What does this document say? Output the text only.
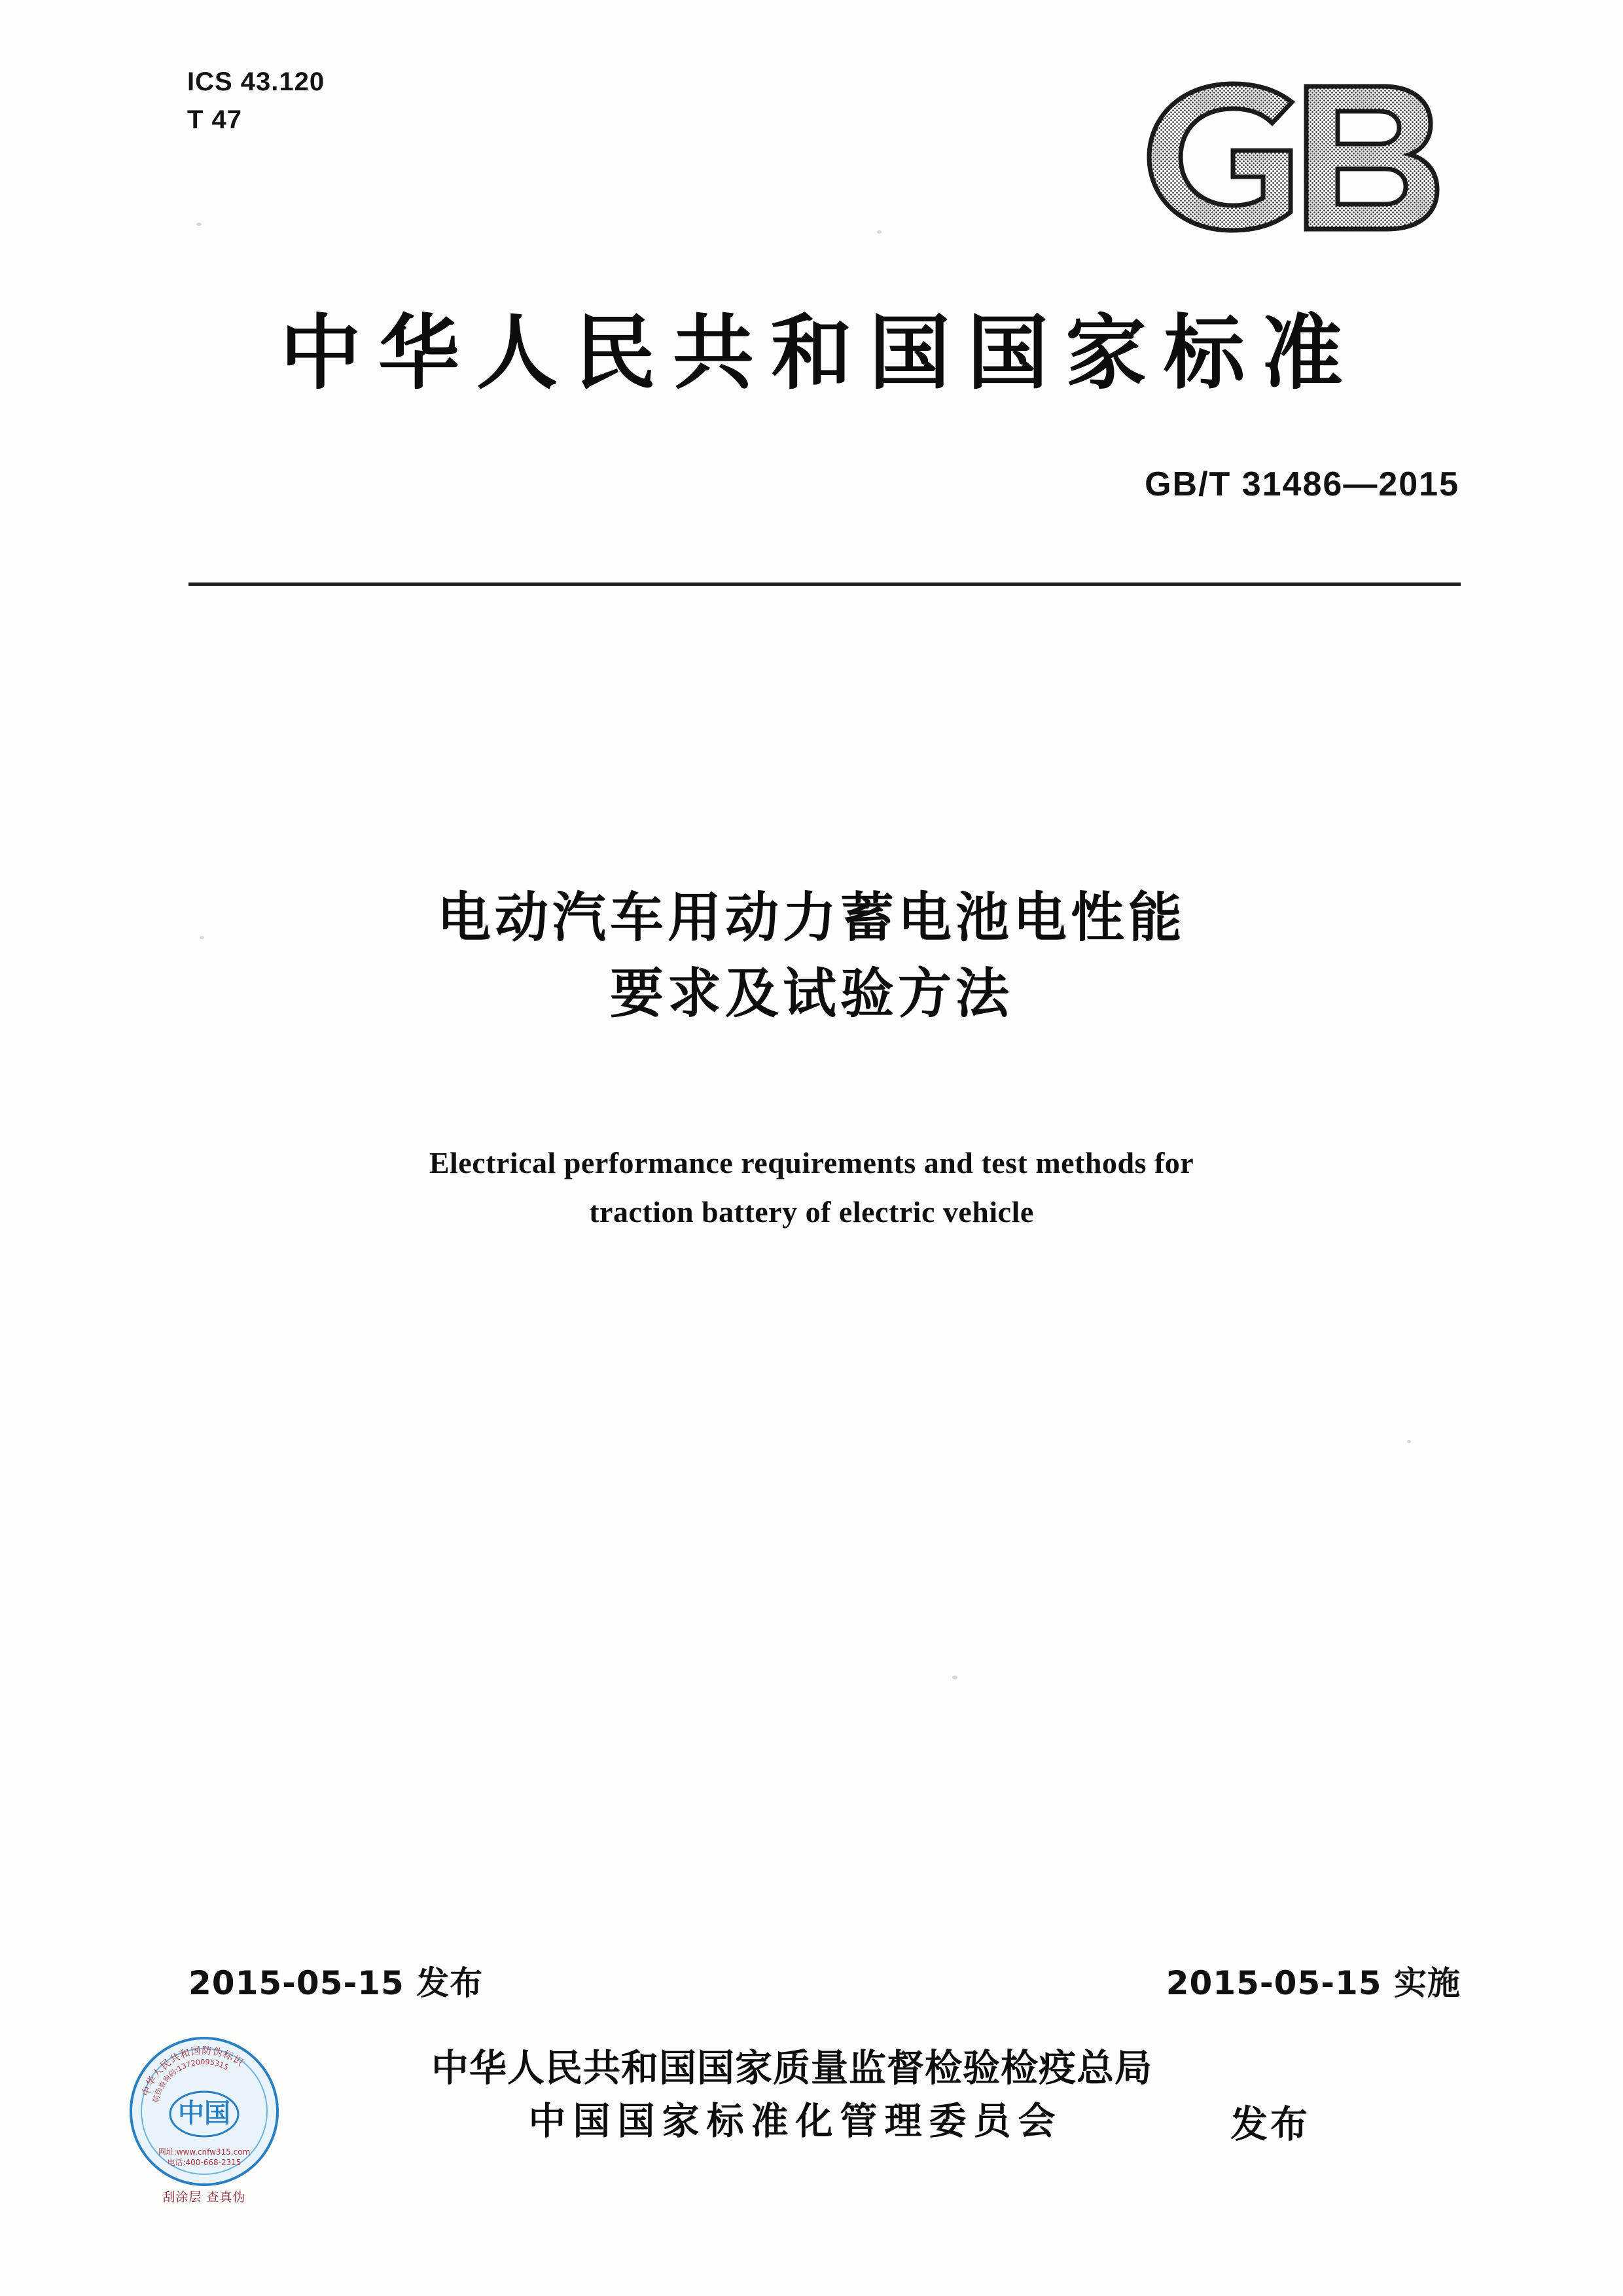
ICS 43.120
T 47
中华人民共和国国家标准
GB/T 31486—2015
电动汽车用动力蓄电池电性能
要求及试验方法
Electrical performance requirements and test methods for
traction battery of electric vehicle
2015-05-15 发布	2015-05-15 实施
中华人民共和国国家质量监督检验检疫总局
中国国家标准化管理委员会	发布
中华人民共和国防伪标识
防伪查询码:13720095315
中国
网址:www.cnfw315.com
电话:400-668-2315
刮涂层 查真伪
